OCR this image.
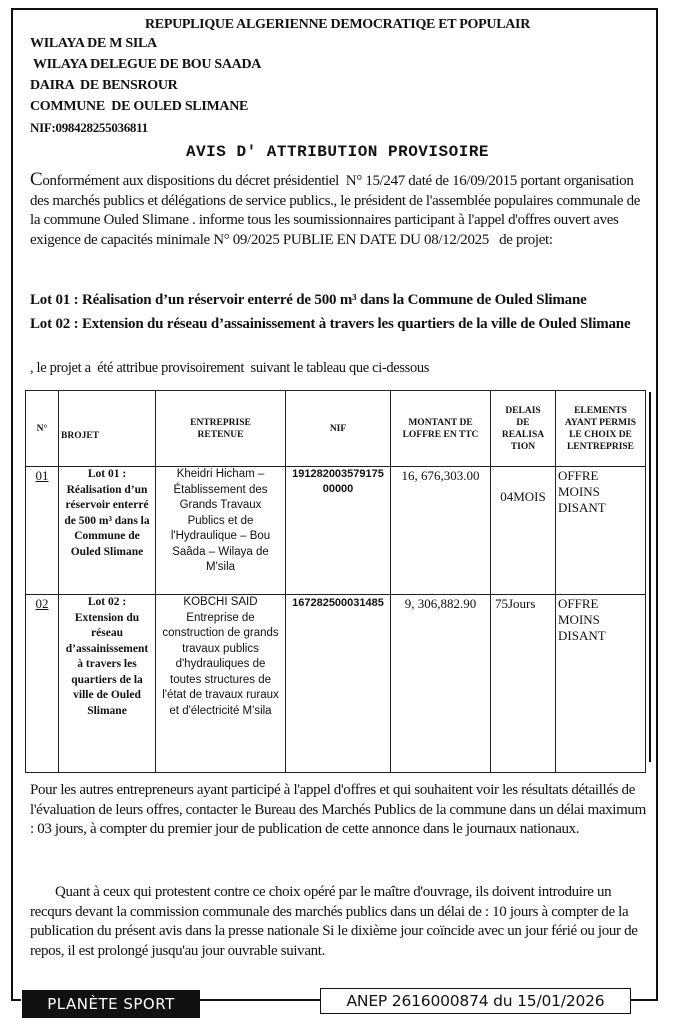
REPUPLIQUE ALGERIENNE DEMOCRATIQE ET POPULAIR
WILAYA DE M SILA
WILAYA DELEGUE DE BOU SAADA
DAIRA  DE BENSROUR
COMMUNE  DE OULED SLIMANE
NIF:098428255036811
AVIS D' ATTRIBUTION PROVISOIRE
Conformément aux dispositions du décret présidentiel  N° 15/247 daté de 16/09/2015 portant organisation des marchés publics et délégations de service publics., le président de l'assemblée populaires communale de la commune Ouled Slimane . informe tous les soumissionnaires participant à l'appel d'offres ouvert aves exigence de capacités minimale N° 09/2025 PUBLIE EN DATE DU 08/12/2025   de projet:
Lot 01 : Réalisation d’un réservoir enterré de 500 m³ dans la Commune de Ouled Slimane
Lot 02 : Extension du réseau d’assainissement à travers les quartiers de la ville de Ouled Slimane
, le projet a  été attribue provisoirement  suivant le tableau que ci-dessous
N°	BROJET	ENTREPRISE RETENUE	NIF	MONTANT DE LOFFRE EN TTC	DELAIS DE REALISA TION	ELEMENTS AYANT PERMIS LE CHOIX DE LENTREPRISE
01	Lot 01 : Réalisation d’un réservoir enterré de 500 m³ dans la Commune de Ouled Slimane	Kheidri Hicham – Établissement des Grands Travaux Publics et de l'Hydraulique – Bou Saâda – Wilaya de M'sila	19128200357917500000	16, 676,303.00	04MOIS	OFFRE MOINS DISANT
02	Lot 02 : Extension du réseau d’assainissement à travers les quartiers de la ville de Ouled Slimane	KOBCHI SAID Entreprise de construction de grands travaux publics d'hydrauliques de toutes structures de l'état de travaux ruraux et d'électricité M'sila	167282500031485	9, 306,882.90	75Jours	OFFRE MOINS DISANT
Pour les autres entrepreneurs ayant participé à l'appel d'offres et qui souhaitent voir les résultats détaillés de l'évaluation de leurs offres, contacter le Bureau des Marchés Publics de la commune dans un délai maximum : 03 jours, à compter du premier jour de publication de cette annonce dans le journaux nationaux.
Quant à ceux qui protestent contre ce choix opéré par le maître d'ouvrage, ils doivent introduire un recqurs devant la commission communale des marchés publics dans un délai de : 10 jours à compter de la publication du présent avis dans la presse nationale Si le dixième jour coïncide avec un jour férié ou jour de repos, il est prolongé jusqu'au jour ouvrable suivant.
PLANÈTE SPORT	ANEP 2616000874 du 15/01/2026
